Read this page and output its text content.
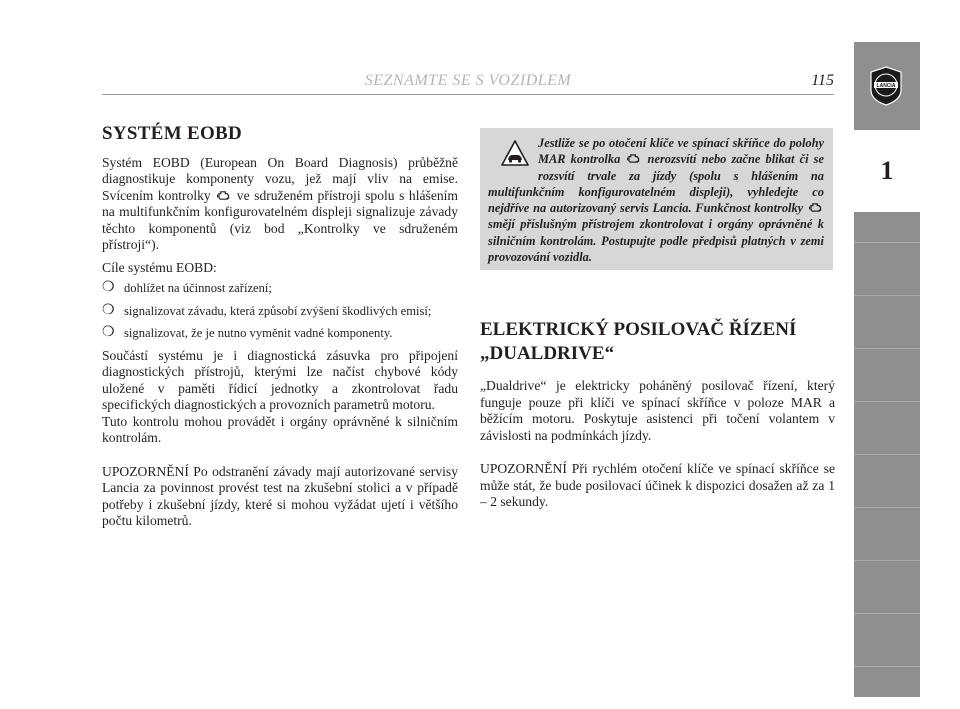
SEZNAMTE SE S VOZIDLEM	115	LANCIA
1
SYSTÉM EOBD

Systém EOBD (European On Board Diagnosis) průběžně diagnostikuje komponenty vozu, jež mají vliv na emise. Svícením kontrolky ve sdruženém přístroji spolu s hlášením na multifunkčním konfigurovatelném displeji signalizuje závady těchto komponentů (viz bod „Kontrolky ve sdruženém přístroji“).

Cíle systému EOBD:

❍ dohlížet na účinnost zařízení;
❍ signalizovat závadu, která způsobí zvýšení škodlivých emisí;
❍ signalizovat, že je nutno vyměnit vadné komponenty.

Součástí systému je i diagnostická zásuvka pro připojení diagnostických přístrojů, kterými lze načíst chybové kódy uložené v paměti řídicí jednotky a zkontrolovat řadu specifických diagnostických a provozních parametrů motoru.

Tuto kontrolu mohou provádět i orgány oprávněné k silničním kontrolám.

UPOZORNĚNÍ Po odstranění závady mají autorizované servisy Lancia za povinnost provést test na zkušební stolici a v případě potřeby i zkušební jízdy, které si mohou vyžádat ujetí i většího počtu kilometrů.

Jestliže se po otočení klíče ve spínací skříňce do polohy MAR kontrolka nerozsvítí nebo začne blikat či se rozsvítí trvale za jízdy (spolu s hlášením na multifunkčním konfigurovatelném displeji), vyhledejte co nejdříve na autorizovaný servis Lancia. Funkčnost kontrolky  smějí příslušným přístrojem zkontrolovat i orgány oprávněné k silničním kontrolám. Postupujte podle předpisů platných v zemi provozování vozidla.
ELEKTRICKÝ POSILOVAČ ŘÍZENÍ
„DUALDRIVE“

„Dualdrive“ je elektricky poháněný posilovač řízení, který funguje pouze při klíči ve spínací skříňce v poloze MAR a běžícím motoru. Poskytuje asistenci při točení volantem v závislosti na podmínkách jízdy.

UPOZORNĚNÍ Při rychlém otočení klíče ve spínací skříňce se může stát, že bude posilovací účinek k dispozici dosažen až za 1 – 2 sekundy.
